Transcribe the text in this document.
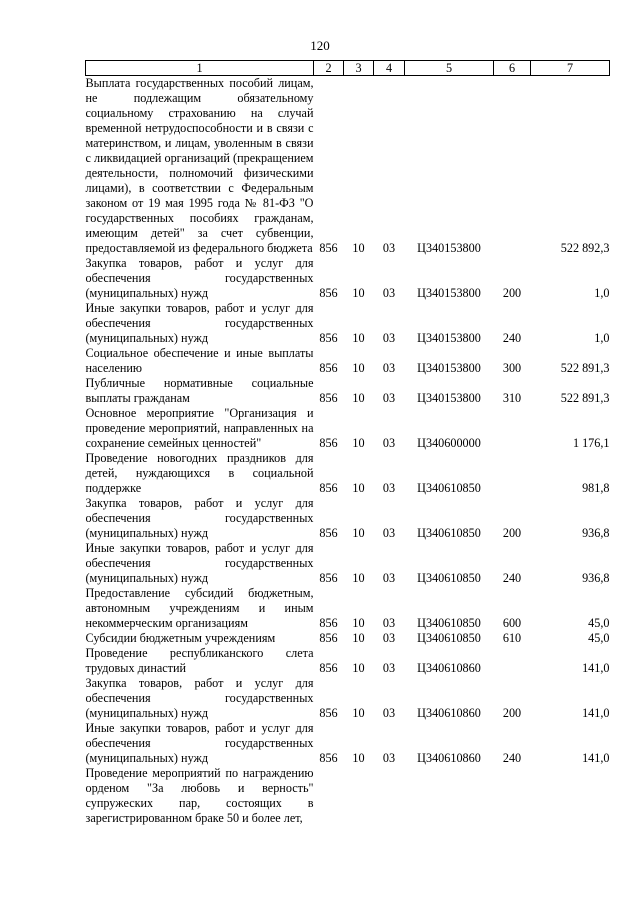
120
1	2	3	4	5	6	7
Выплата государственных пособий лицам, не подлежащим обязательному социальному страхованию на случай временной нетрудоспособности и в связи с материнством, и лицам, уволенным в связи с ликвидацией организаций (прекращением деятельности, полномочий физическими лицами), в соответствии с Федеральным законом от 19 мая 1995 года № 81-ФЗ "О государственных пособиях гражданам, имеющим детей" за счет субвенции, предоставляемой из федерального бюджета	856	10	03	Ц340153800		522 892,3
Закупка товаров, работ и услуг для обеспечения государственных (муниципальных) нужд	856	10	03	Ц340153800	200	1,0
Иные закупки товаров, работ и услуг для обеспечения государственных (муниципальных) нужд	856	10	03	Ц340153800	240	1,0
Социальное обеспечение и иные выплаты населению	856	10	03	Ц340153800	300	522 891,3
Публичные нормативные социальные выплаты гражданам	856	10	03	Ц340153800	310	522 891,3
Основное мероприятие "Организация и проведение мероприятий, направленных на сохранение семейных ценностей"	856	10	03	Ц340600000		1 176,1
Проведение новогодних праздников для детей, нуждающихся в социальной поддержке	856	10	03	Ц340610850		981,8
Закупка товаров, работ и услуг для обеспечения государственных (муниципальных) нужд	856	10	03	Ц340610850	200	936,8
Иные закупки товаров, работ и услуг для обеспечения государственных (муниципальных) нужд	856	10	03	Ц340610850	240	936,8
Предоставление субсидий бюджетным, автономным учреждениям и иным некоммерческим организациям	856	10	03	Ц340610850	600	45,0
Субсидии бюджетным учреждениям	856	10	03	Ц340610850	610	45,0
Проведение республиканского слета трудовых династий	856	10	03	Ц340610860		141,0
Закупка товаров, работ и услуг для обеспечения государственных (муниципальных) нужд	856	10	03	Ц340610860	200	141,0
Иные закупки товаров, работ и услуг для обеспечения государственных (муниципальных) нужд	856	10	03	Ц340610860	240	141,0
Проведение мероприятий по награждению орденом "За любовь и верность" супружеских пар, состоящих в зарегистрированном браке 50 и более лет,						
